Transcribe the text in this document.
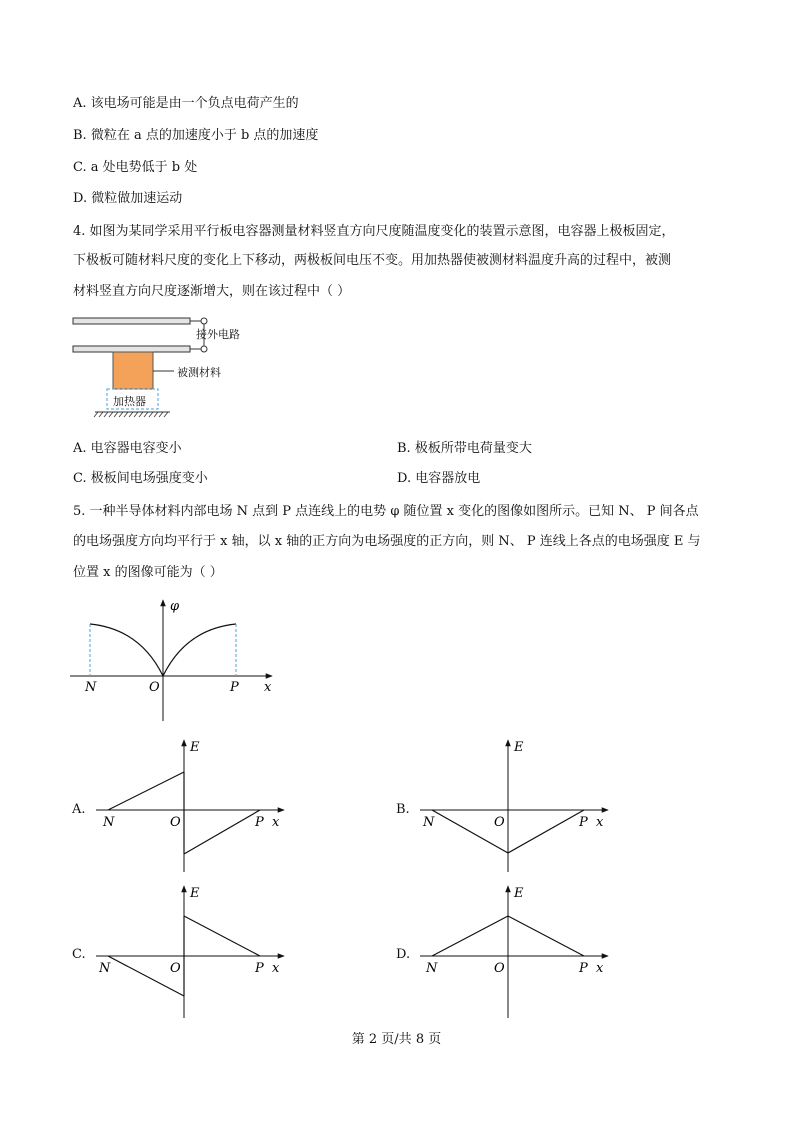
A. 该电场可能是由一个负点电荷产生的
B. 微粒在 a 点的加速度小于 b 点的加速度
C. a 处电势低于 b 处
D. 微粒做加速运动
4. 如图为某同学采用平行板电容器测量材料竖直方向尺度随温度变化的装置示意图，电容器上极板固定，
下极板可随材料尺度的变化上下移动，两极板间电压不变。用加热器使被测材料温度升高的过程中，被测
材料竖直方向尺度逐渐增大，则在该过程中（ ）
接外电路
被测材料
加热器
A. 电容器电容变小	B. 极板所带电荷量变大
C. 极板间电场强度变小	D. 电容器放电
5. 一种半导体材料内部电场 N 点到 P 点连线上的电势 φ 随位置 x 变化的图像如图所示。已知 N、 P 间各点
的电场强度方向均平行于 x 轴，以 x 轴的正方向为电场强度的正方向，则 N、 P 连线上各点的电场强度 E 与
位置 x 的图像可能为（ ）
φ
x
N	O	P
A.
E
x
N	O	P
B.
E
x
N	O	P
C.
E
x
N	O	P
D.
E
x
N	O	P
第 2 页/共 8 页
